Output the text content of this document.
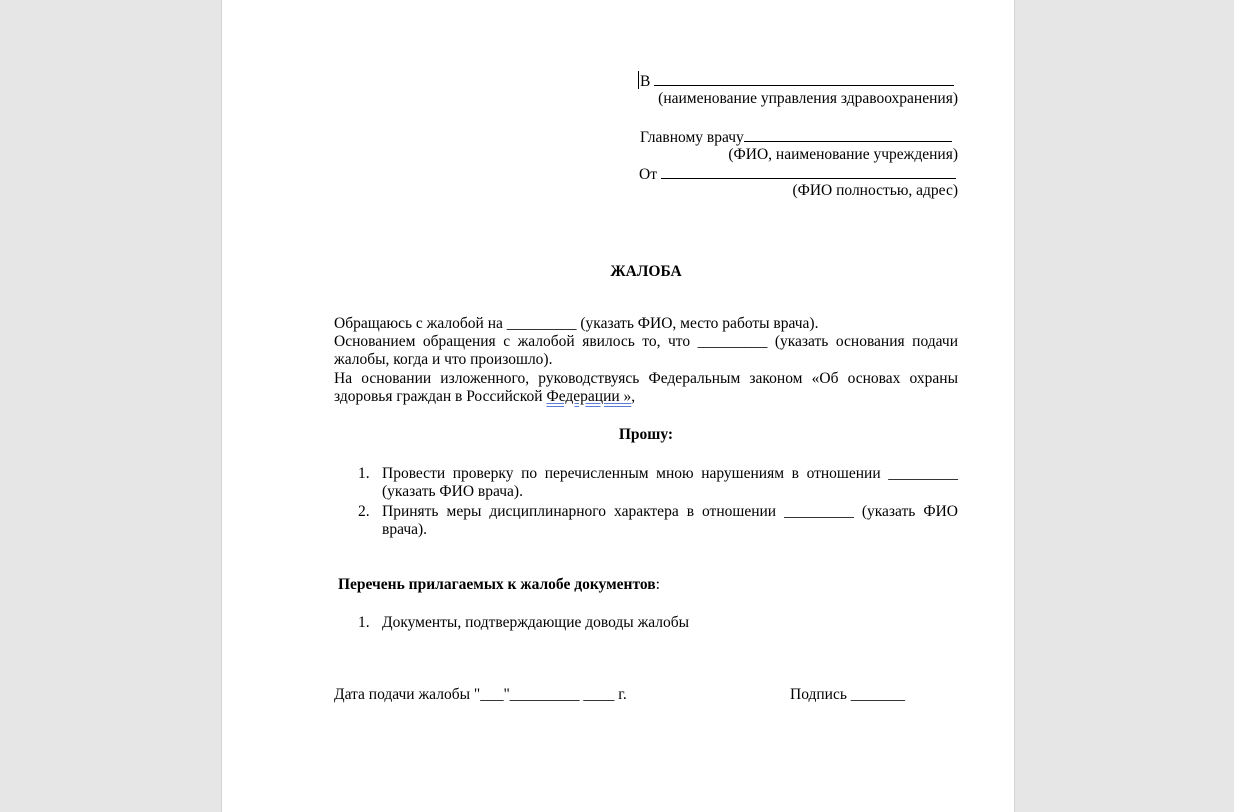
В
(наименование управления здравоохранения)
Главному врачу
(ФИО, наименование учреждения)
От
(ФИО полностью, адрес)
ЖАЛОБА
Обращаюсь с жалобой на _________ (указать ФИО, место работы врача).
Основанием обращения с жалобой явилось то, что _________ (указать основания подачи жалобы, когда и что произошло).
На основании изложенного, руководствуясь Федеральным законом «Об основах охраны здоровья граждан в Российской Федерации »,
Прошу:
1. Провести проверку по перечисленным мною нарушениям в отношении _________ (указать ФИО врача).
2. Принять меры дисциплинарного характера в отношении _________ (указать ФИО врача).
Перечень прилагаемых к жалобе документов:
1. Документы, подтверждающие доводы жалобы
Дата подачи жалобы "___"_________ ____ г.	Подпись _______
